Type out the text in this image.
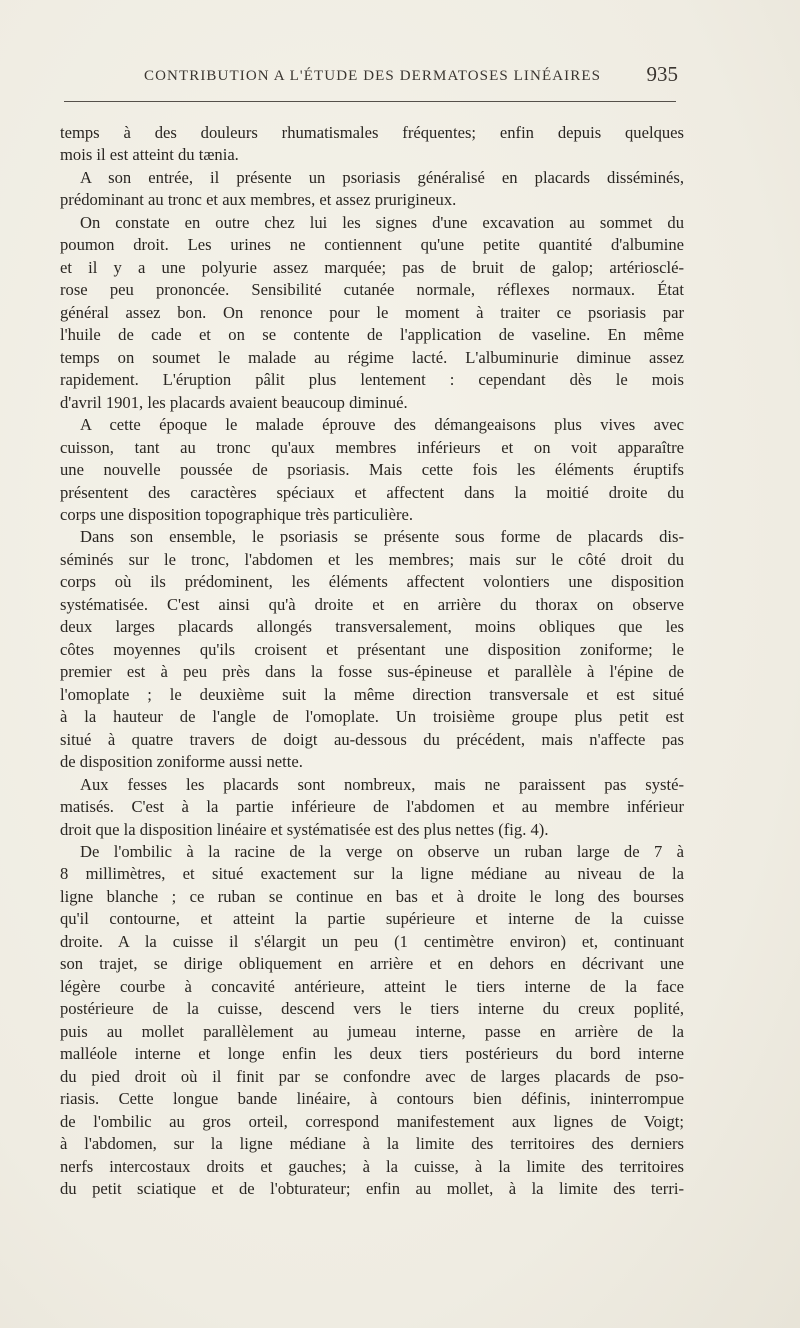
CONTRIBUTION A L'ÉTUDE DES DERMATOSES LINÉAIRES 935
temps à des douleurs rhumatismales fréquentes; enfin depuis quelques
mois il est atteint du tænia.
A son entrée, il présente un psoriasis généralisé en placards disséminés,
prédominant au tronc et aux membres, et assez prurigineux.
On constate en outre chez lui les signes d'une excavation au sommet du
poumon droit. Les urines ne contiennent qu'une petite quantité d'albumine
et il y a une polyurie assez marquée; pas de bruit de galop; artériosclé-
rose peu prononcée. Sensibilité cutanée normale, réflexes normaux. État
général assez bon. On renonce pour le moment à traiter ce psoriasis par
l'huile de cade et on se contente de l'application de vaseline. En même
temps on soumet le malade au régime lacté. L'albuminurie diminue assez
rapidement. L'éruption pâlit plus lentement : cependant dès le mois
d'avril 1901, les placards avaient beaucoup diminué.
A cette époque le malade éprouve des démangeaisons plus vives avec
cuisson, tant au tronc qu'aux membres inférieurs et on voit apparaître
une nouvelle poussée de psoriasis. Mais cette fois les éléments éruptifs
présentent des caractères spéciaux et affectent dans la moitié droite du
corps une disposition topographique très particulière.
Dans son ensemble, le psoriasis se présente sous forme de placards dis-
séminés sur le tronc, l'abdomen et les membres; mais sur le côté droit du
corps où ils prédominent, les éléments affectent volontiers une disposition
systématisée. C'est ainsi qu'à droite et en arrière du thorax on observe
deux larges placards allongés transversalement, moins obliques que les
côtes moyennes qu'ils croisent et présentant une disposition zoniforme; le
premier est à peu près dans la fosse sus-épineuse et parallèle à l'épine de
l'omoplate ; le deuxième suit la même direction transversale et est situé
à la hauteur de l'angle de l'omoplate. Un troisième groupe plus petit est
situé à quatre travers de doigt au-dessous du précédent, mais n'affecte pas
de disposition zoniforme aussi nette.
Aux fesses les placards sont nombreux, mais ne paraissent pas systé-
matisés. C'est à la partie inférieure de l'abdomen et au membre inférieur
droit que la disposition linéaire et systématisée est des plus nettes (fig. 4).
De l'ombilic à la racine de la verge on observe un ruban large de 7 à
8 millimètres, et situé exactement sur la ligne médiane au niveau de la
ligne blanche ; ce ruban se continue en bas et à droite le long des bourses
qu'il contourne, et atteint la partie supérieure et interne de la cuisse
droite. A la cuisse il s'élargit un peu (1 centimètre environ) et, continuant
son trajet, se dirige obliquement en arrière et en dehors en décrivant une
légère courbe à concavité antérieure, atteint le tiers interne de la face
postérieure de la cuisse, descend vers le tiers interne du creux poplité,
puis au mollet parallèlement au jumeau interne, passe en arrière de la
malléole interne et longe enfin les deux tiers postérieurs du bord interne
du pied droit où il finit par se confondre avec de larges placards de pso-
riasis. Cette longue bande linéaire, à contours bien définis, ininterrompue
de l'ombilic au gros orteil, correspond manifestement aux lignes de Voigt;
à l'abdomen, sur la ligne médiane à la limite des territoires des derniers
nerfs intercostaux droits et gauches; à la cuisse, à la limite des territoires
du petit sciatique et de l'obturateur; enfin au mollet, à la limite des terri-
